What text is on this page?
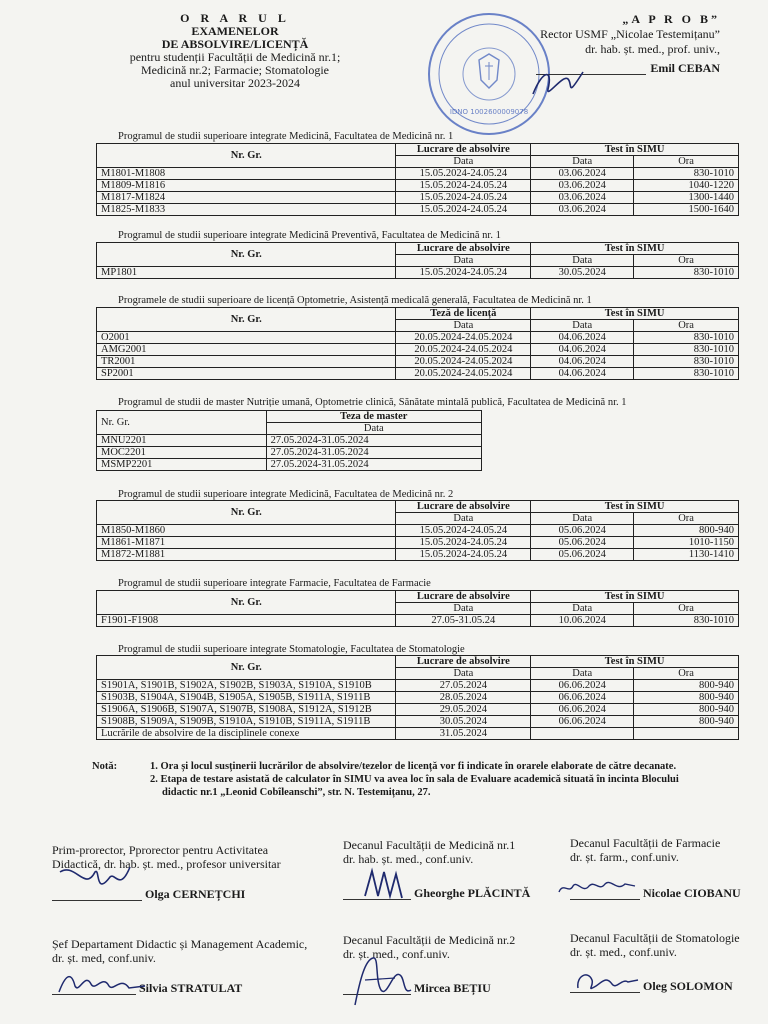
O R A R U L
EXAMENELOR
DE ABSOLVIRE/LICENȚĂ
pentru studenții Facultății de Medicină nr.1;
Medicină nr.2; Farmacie; Stomatologie
anul universitar 2023-2024
IDNO 1002600009078
„A P R O B”
Rector USMF „Nicolae Testemițanu”
dr. hab. șt. med., prof. univ.,
Emil CEBAN
Programul de studii superioare integrate Medicină, Facultatea de Medicină nr. 1
Nr. Gr.	Lucrare de absolvire	Test în SIMU	
	Data	Data	Ora
M1801-M1808	15.05.2024-24.05.24	03.06.2024	830-1010
M1809-M1816	15.05.2024-24.05.24	03.06.2024	1040-1220
M1817-M1824	15.05.2024-24.05.24	03.06.2024	1300-1440
M1825-M1833	15.05.2024-24.05.24	03.06.2024	1500-1640
Programul de studii superioare integrate Medicină Preventivă, Facultatea de Medicină nr. 1
Nr. Gr.	Lucrare de absolvire	Test în SIMU	
	Data	Data	Ora
MP1801	15.05.2024-24.05.24	30.05.2024	830-1010
Programele de studii superioare de licență Optometrie, Asistență medicală generală, Facultatea de Medicină nr. 1
Nr. Gr.	Teză de licență	Test în SIMU	
	Data	Data	Ora
O2001	20.05.2024-24.05.2024	04.06.2024	830-1010
AMG2001	20.05.2024-24.05.2024	04.06.2024	830-1010
TR2001	20.05.2024-24.05.2024	04.06.2024	830-1010
SP2001	20.05.2024-24.05.2024	04.06.2024	830-1010
Programul de studii de master Nutriție umană, Optometrie clinică, Sănătate mintală publică, Facultatea de Medicină nr. 1
Nr. Gr.	Teza de master
	Data
MNU2201	27.05.2024-31.05.2024
MOC2201	27.05.2024-31.05.2024
MSMP2201	27.05.2024-31.05.2024
Programul de studii superioare integrate Medicină, Facultatea de Medicină nr. 2
Nr. Gr.	Lucrare de absolvire	Test în SIMU	
	Data	Data	Ora
M1850-M1860	15.05.2024-24.05.24	05.06.2024	800-940
M1861-M1871	15.05.2024-24.05.24	05.06.2024	1010-1150
M1872-M1881	15.05.2024-24.05.24	05.06.2024	1130-1410
Programul de studii superioare integrate Farmacie, Facultatea de Farmacie
Nr. Gr.	Lucrare de absolvire	Test în SIMU	
	Data	Data	Ora
F1901-F1908	27.05-31.05.24	10.06.2024	830-1010
Programul de studii superioare integrate Stomatologie, Facultatea de Stomatologie
Nr. Gr.	Lucrare de absolvire	Test în SIMU	
	Data	Data	Ora
S1901A, S1901B, S1902A, S1902B, S1903A, S1910A, S1910B	27.05.2024	06.06.2024	800-940
S1903B, S1904A, S1904B, S1905A, S1905B, S1911A, S1911B	28.05.2024	06.06.2024	800-940
S1906A, S1906B, S1907A, S1907B, S1908A, S1912A, S1912B	29.05.2024	06.06.2024	800-940
S1908B, S1909A, S1909B, S1910A, S1910B, S1911A, S1911B	30.05.2024	06.06.2024	800-940
Lucrările de absolvire de la disciplinele conexe	31.05.2024		
Notă:	1. Ora și locul susținerii lucrărilor de absolvire/tezelor de licență vor fi indicate în orarele elaborate de către decanate.
2. Etapa de testare asistată de calculator în SIMU va avea loc în sala de Evaluare academică situată în incinta Blocului didactic nr.1 „Leonid Cobîleanschi”, str. N. Testemițanu, 27.
Prim-prorector, Pprorector pentru Activitatea
Didactică, dr. hab. șt. med., profesor universitar
Olga CERNEȚCHI
Decanul Facultății de Medicină nr.1
dr. hab. șt. med., conf.univ.
Gheorghe PLĂCINTĂ
Decanul Facultății de Farmacie
dr. șt. farm., conf.univ.
Nicolae CIOBANU
Șef Departament Didactic și Management Academic,
dr. șt. med, conf.univ.
Silvia STRATULAT
Decanul Facultății de Medicină nr.2
dr. șt. med., conf.univ.
Mircea BEȚIU
Decanul Facultății de Stomatologie
dr. șt. med., conf.univ.
Oleg SOLOMON
